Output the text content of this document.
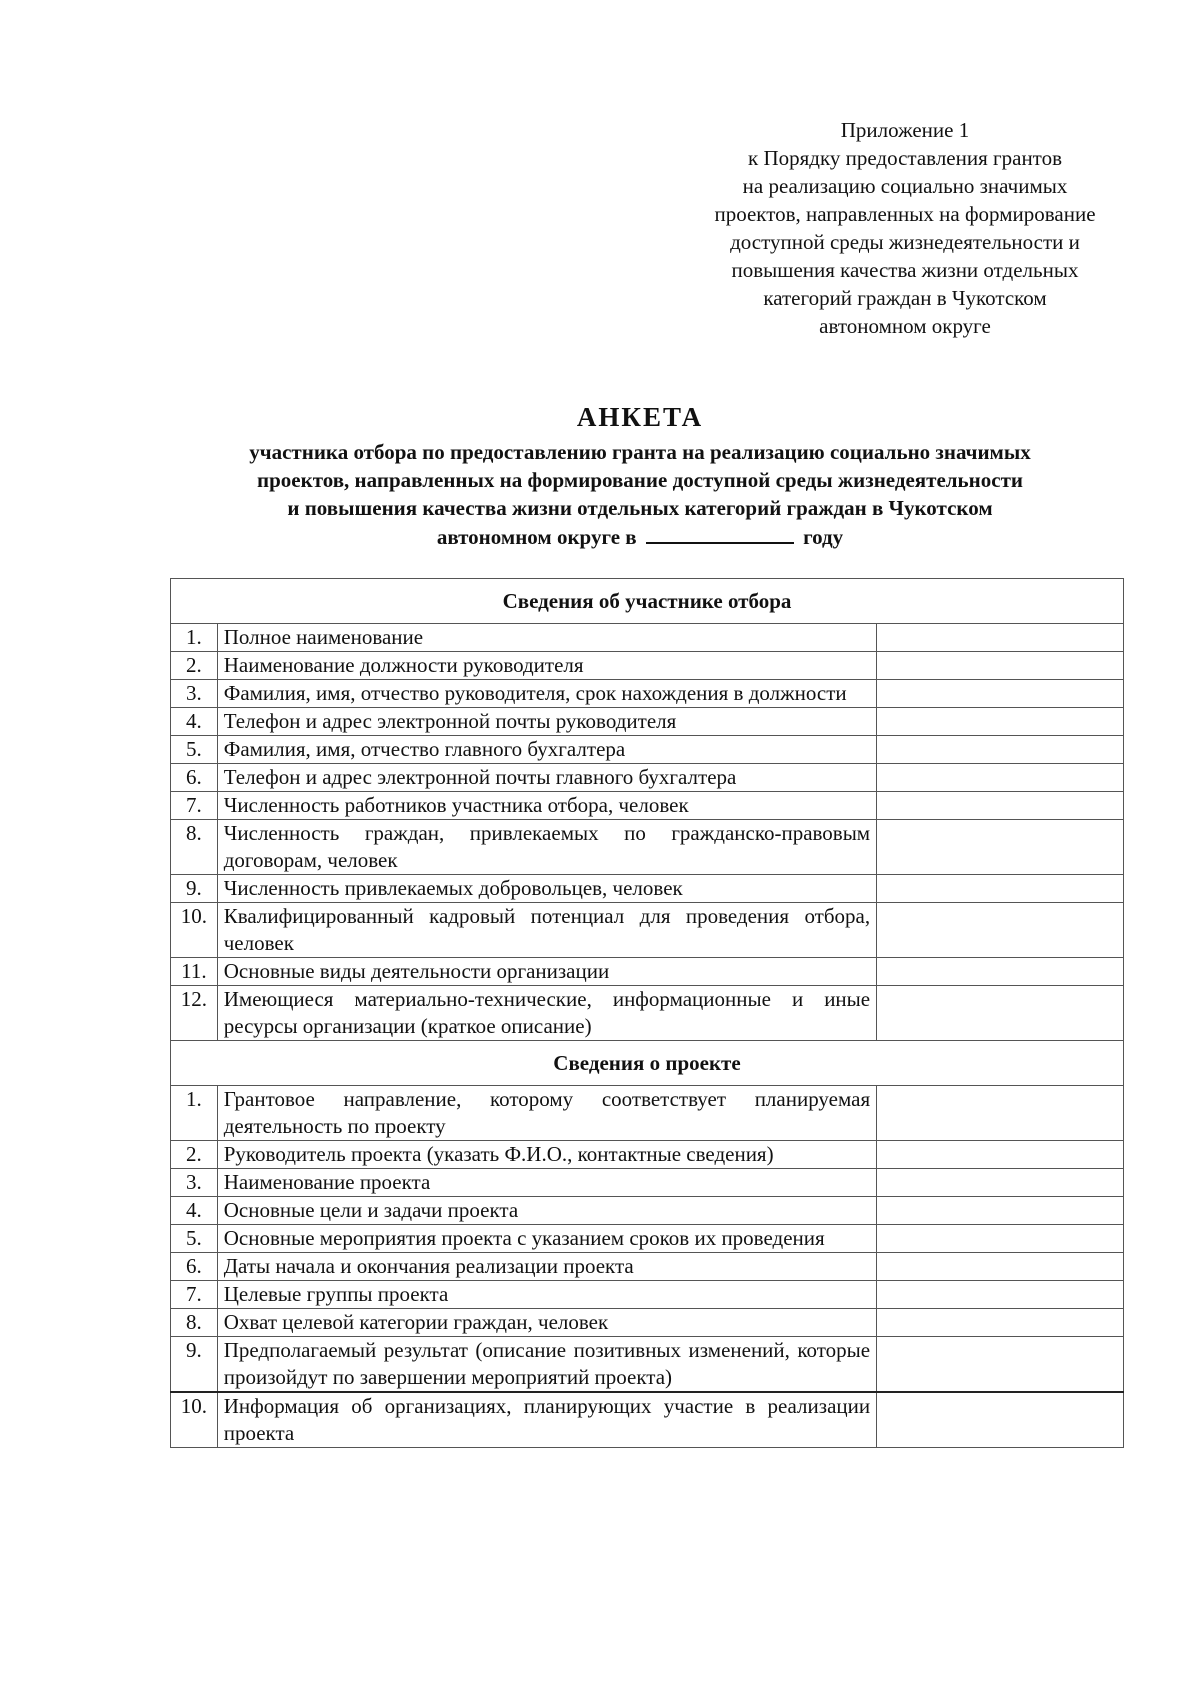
Приложение 1
к Порядку предоставления грантов
на реализацию социально значимых
проектов, направленных на формирование
доступной среды жизнедеятельности и
повышения качества жизни отдельных
категорий граждан в Чукотском
автономном округе
АНКЕТА
участника отбора по предоставлению гранта на реализацию социально значимых
проектов, направленных на формирование доступной среды жизнедеятельности
и повышения качества жизни отдельных категорий граждан в Чукотском
автономном округе в	году
Сведения об участнике отбора		
1.	Полное наименование	

2.	Наименование должности руководителя	

3.	Фамилия, имя, отчество руководителя, срок нахождения в должности	

4.	Телефон и адрес электронной почты руководителя	

5.	Фамилия, имя, отчество главного бухгалтера	

6.	Телефон и адрес электронной почты главного бухгалтера	

7.	Численность работников участника отбора, человек	

8.	Численность граждан, привлекаемых по гражданско-правовым договорам, человек	

9.	Численность привлекаемых добровольцев, человек	

10.	Квалифицированный кадровый потенциал для проведения отбора, человек	

11.	Основные виды деятельности организации	

12.	Имеющиеся материально-технические, информационные и иные ресурсы организации (краткое описание)	

Сведения о проекте		
1.	Грантовое направление, которому соответствует планируемая деятельность по проекту	

2.	Руководитель проекта (указать Ф.И.О., контактные сведения)	

3.	Наименование проекта	

4.	Основные цели и задачи проекта	

5.	Основные мероприятия проекта с указанием сроков их проведения	

6.	Даты начала и окончания реализации проекта	

7.	Целевые группы проекта	

8.	Охват целевой категории граждан, человек	

9.	Предполагаемый результат (описание позитивных изменений, которые произойдут по завершении мероприятий проекта)	

10.	Информация об организациях, планирующих участие в реализации проекта	
